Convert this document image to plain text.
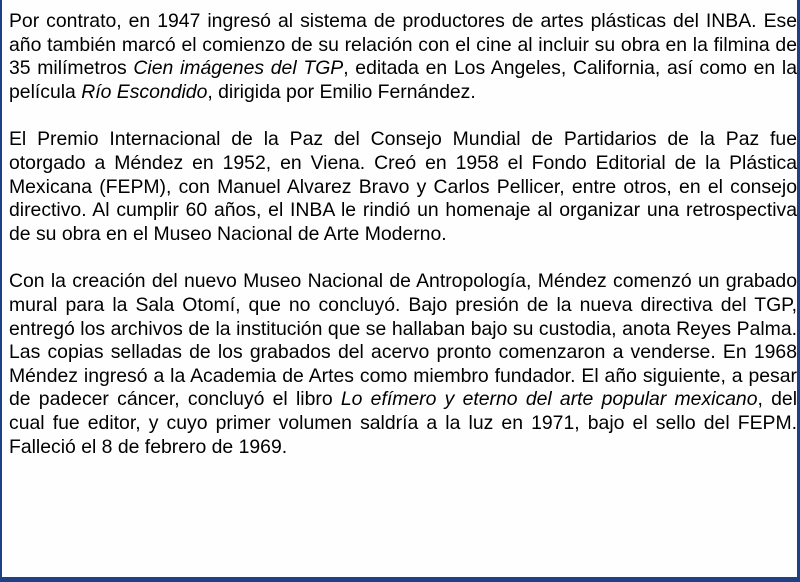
Por contrato, en 1947 ingresó al sistema de productores de artes plásticas del INBA. Ese año también marcó el comienzo de su relación con el cine al incluir su obra en la filmina de 35 milímetros Cien imágenes del TGP, editada en Los Angeles, California, así como en la película Río Escondido, dirigida por Emilio Fernández.

El Premio Internacional de la Paz del Consejo Mundial de Partidarios de la Paz fue otorgado a Méndez en 1952, en Viena. Creó en 1958 el Fondo Editorial de la Plástica Mexicana (FEPM), con Manuel Alvarez Bravo y Carlos Pellicer, entre otros, en el consejo directivo. Al cumplir 60 años, el INBA le rindió un homenaje al organizar una retrospectiva de su obra en el Museo Nacional de Arte Moderno.

Con la creación del nuevo Museo Nacional de Antropología, Méndez comenzó un grabado mural para la Sala Otomí, que no concluyó. Bajo presión de la nueva directiva del TGP, entregó los archivos de la institución que se hallaban bajo su custodia, anota Reyes Palma. Las copias selladas de los grabados del acervo pronto comenzaron a venderse. En 1968 Méndez ingresó a la Academia de Artes como miembro fundador. El año siguiente, a pesar de padecer cáncer, concluyó el libro Lo efímero y eterno del arte popular mexicano, del cual fue editor, y cuyo primer volumen saldría a la luz en 1971, bajo el sello del FEPM. Falleció el 8 de febrero de 1969.
